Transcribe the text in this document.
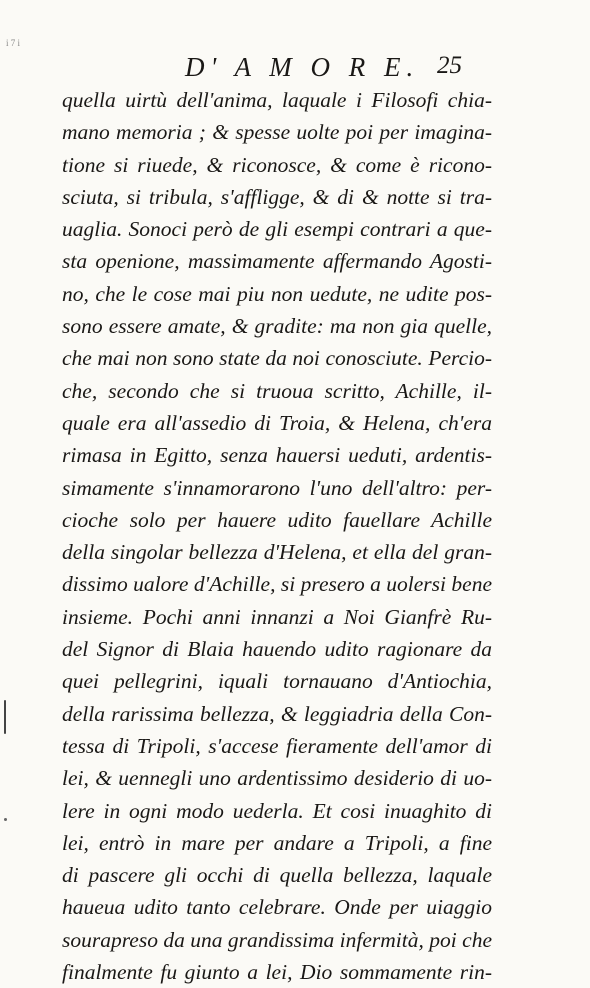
i 7 i
D' A M O R E. 25
quella uirtù dell'anima, laquale i Filosofi chia-
mano memoria ; & spesse uolte poi per imagina-
tione si riuede, & riconosce, & come è ricono-
sciuta, si tribula, s'affligge, & di & notte si tra-
uaglia. Sonoci però de gli esempi contrari a que-
sta openione, massimamente affermando Agosti-
no, che le cose mai piu non uedute, ne udite pos-
sono essere amate, & gradite: ma non gia quelle,
che mai non sono state da noi conosciute. Percio-
che, secondo che si truoua scritto, Achille, il-
quale era all'assedio di Troia, & Helena, ch'era
rimasa in Egitto, senza hauersi ueduti, ardentis-
simamente s'innamorarono l'uno dell'altro: per-
cioche solo per hauere udito fauellare Achille
della singolar bellezza d'Helena, et ella del gran-
dissimo ualore d'Achille, si presero a uolersi bene
insieme. Pochi anni innanzi a Noi Gianfrè Ru-
del Signor di Blaia hauendo udito ragionare da
quei pellegrini, iquali tornauano d'Antiochia,
della rarissima bellezza, & leggiadria della Con-
tessa di Tripoli, s'accese fieramente dell'amor di
lei, & uennegli uno ardentissimo desiderio di uo-
lere in ogni modo uederla. Et cosi inuaghito di
lei, entrò in mare per andare a Tripoli, a fine
di pascere gli occhi di quella bellezza, laquale
haueua udito tanto celebrare. Onde per uiaggio
sourapreso da una grandissima infermità, poi che
finalmente fu giunto a lei, Dio sommamente rin-
